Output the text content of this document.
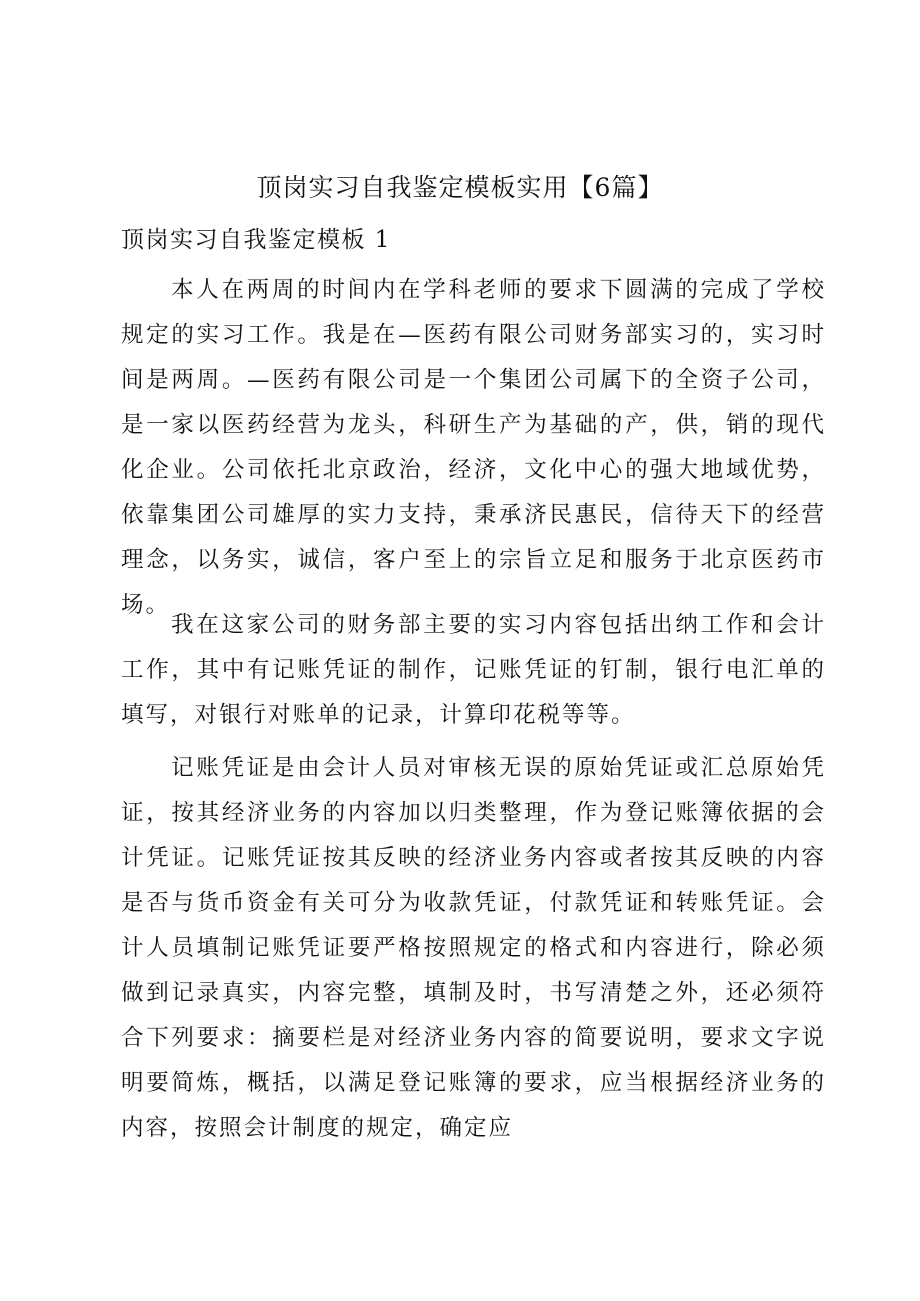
顶岗实习自我鉴定模板实用【6篇】
顶岗实习自我鉴定模板 1

本人在两周的时间内在学科老师的要求下圆满的完成了学校规定的实习工作。我是在—医药有限公司财务部实习的，实习时间是两周。—医药有限公司是一个集团公司属下的全资子公司，是一家以医药经营为龙头，科研生产为基础的产，供，销的现代化企业。公司依托北京政治，经济，文化中心的强大地域优势，依靠集团公司雄厚的实力支持，秉承济民惠民，信待天下的经营理念，以务实，诚信，客户至上的宗旨立足和服务于北京医药市场。

我在这家公司的财务部主要的实习内容包括出纳工作和会计工作，其中有记账凭证的制作，记账凭证的钉制，银行电汇单的填写，对银行对账单的记录，计算印花税等等。

记账凭证是由会计人员对审核无误的原始凭证或汇总原始凭证，按其经济业务的内容加以归类整理，作为登记账簿依据的会计凭证。记账凭证按其反映的经济业务内容或者按其反映的内容是否与货币资金有关可分为收款凭证，付款凭证和转账凭证。会计人员填制记账凭证要严格按照规定的格式和内容进行，除必须做到记录真实，内容完整，填制及时，书写清楚之外，还必须符合下列要求：摘要栏是对经济业务内容的简要说明，要求文字说明要简炼，概括，以满足登记账簿的要求，应当根据经济业务的内容，按照会计制度的规定，确定应
